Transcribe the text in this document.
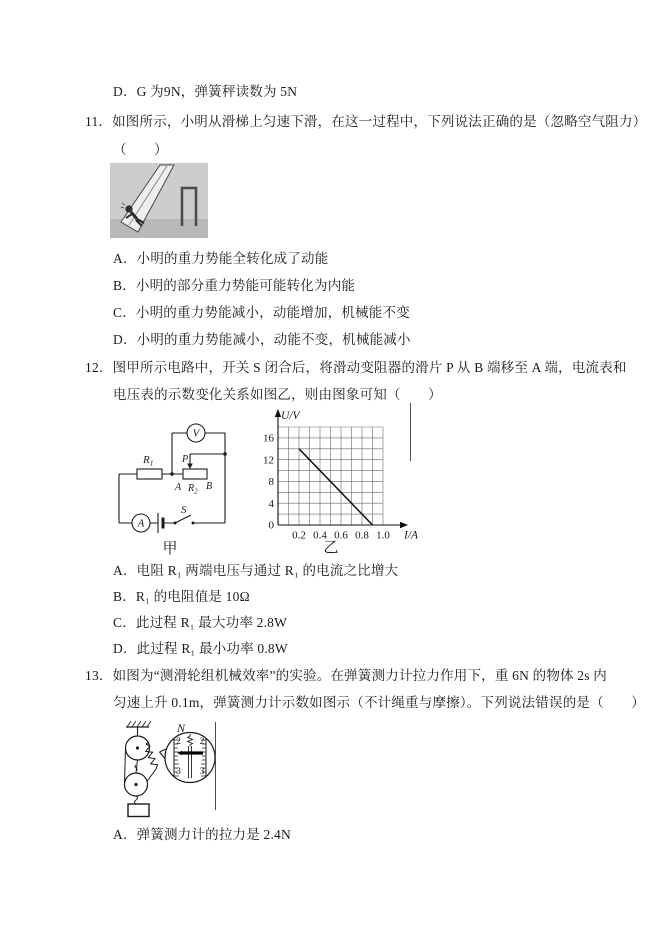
D．G 为9N，弹簧秤读数为 5N
11．如图所示，小明从滑梯上匀速下滑，在这一过程中，下列说法正确的是（忽略空气阻力）
（　　）
A．小明的重力势能全转化成了动能
B．小明的部分重力势能可能转化为内能
C．小明的重力势能减小，动能增加，机械能不变
D．小明的重力势能减小，动能不变，机械能减小
12．图甲所示电路中，开关 S 闭合后，将滑动变阻器的滑片 P 从 B 端移至 A 端，电流表和
电压表的示数变化关系如图乙，则由图象可知（　　）
V
A
$R_1$	P
A $R_2$ B
S
甲
16
12
8
4
0
0.2 0.4 0.6 0.8 1.0
U/V
I/A
乙
A．电阻 R₁ 两端电压与通过 R₁ 的电流之比增大
B．R₁ 的电阻值是 10Ω
C．此过程 R₁ 最大功率 2.8W
D．此过程 R₁ 最小功率 0.8W
13．如图为“测滑轮组机械效率”的实验。在弹簧测力计拉力作用下，重 6N 的物体 2s 内
匀速上升 0.1m，弹簧测力计示数如图示（不计绳重与摩擦）。下列说法错误的是（　　）
N
2 2
3 3
A．弹簧测力计的拉力是 2.4N
